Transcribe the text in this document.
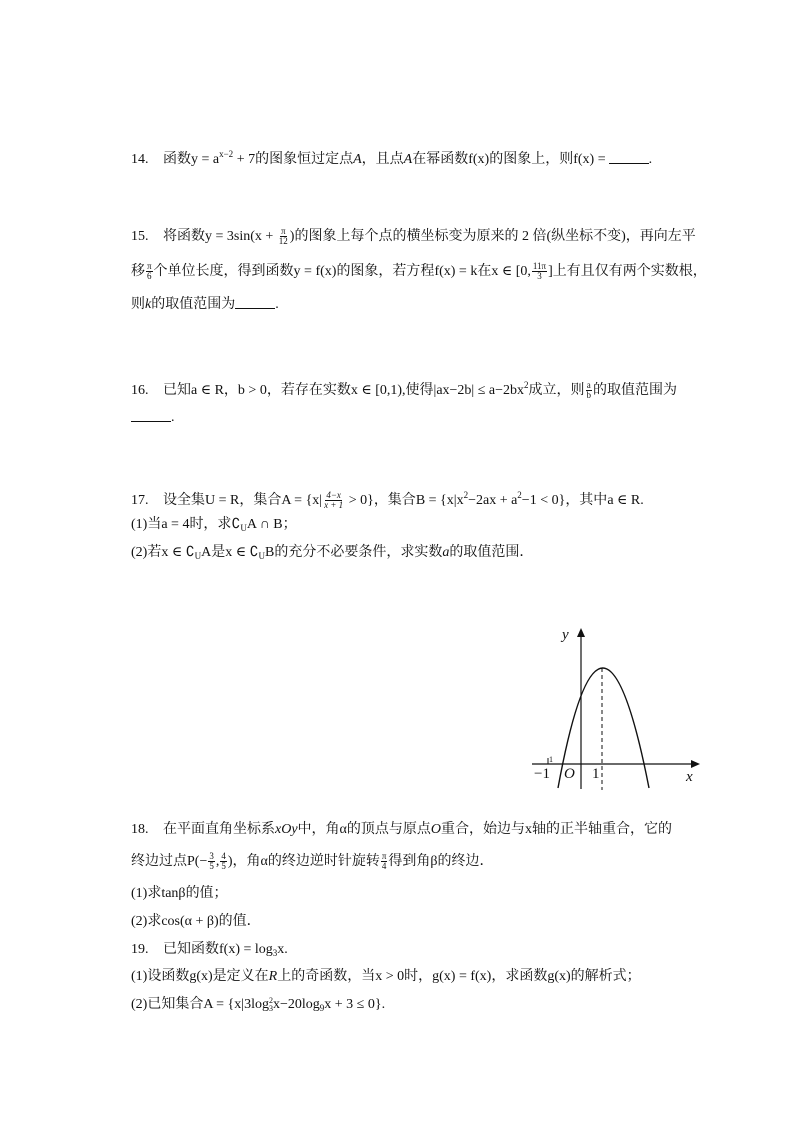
14. 函数$y = a^{x-2} + 7$的图象恒过定点A，且点A在幂函数f(x)的图象上，则f(x) =	.
15. 将函数$y = 3\sin(x + \frac{\pi}{12}$ )的图象上每个点的横坐标变为原来的 2 倍(纵坐标不变)，再向左平
移 $\frac{\pi}{6}$ 个单位长度，得到函数y = f(x)的图象，若方程f(x) = k在x ∈ [0, $\frac{11\pi}{3}$ ]上有且仅有两个实数根，
则k的取值范围为	.
16. 已知a ∈ R，b > 0，若存在实数x ∈ [0,1),使得$|ax-2b| \le a-2bx^2$成立，则 $\frac{a}{b}$ 的取值范围为
.
17. 设全集U = R，集合$A = \{x| \frac{4-x}{x + 1} > 0\}$，集合$B = \{x|x^2-2ax + a^2-1 < 0\}$，其中a ∈ R.
(1)当a = 4时，求$∁_UA$ ∩ B；
(2)若x ∈ $∁_UA$是x ∈ $∁_UB$的充分不必要条件，求实数a的取值范围．
y
x
O
−1	1
1
18. 在平面直角坐标系xOy中，角α的顶点与原点O重合，始边与x轴的正半轴重合，它的
终边过点$P(- \frac{3}{5}$ , $\frac{4}{5}$ )，角α的终边逆时针旋转 $\frac{\pi}{4}$ 得到角β的终边．
(1)求tanβ的值；
(2)求cos(α + β)的值．
19. 已知函数$f(x) = \log_3x$.
(1)设函数g(x)是定义在R上的奇函数，当x > 0时，g(x) = f(x)，求函数g(x)的解析式；
(2)已知集合A = {x|3log 2
3 $x-20\log_9x + 3 \le 0$}.
